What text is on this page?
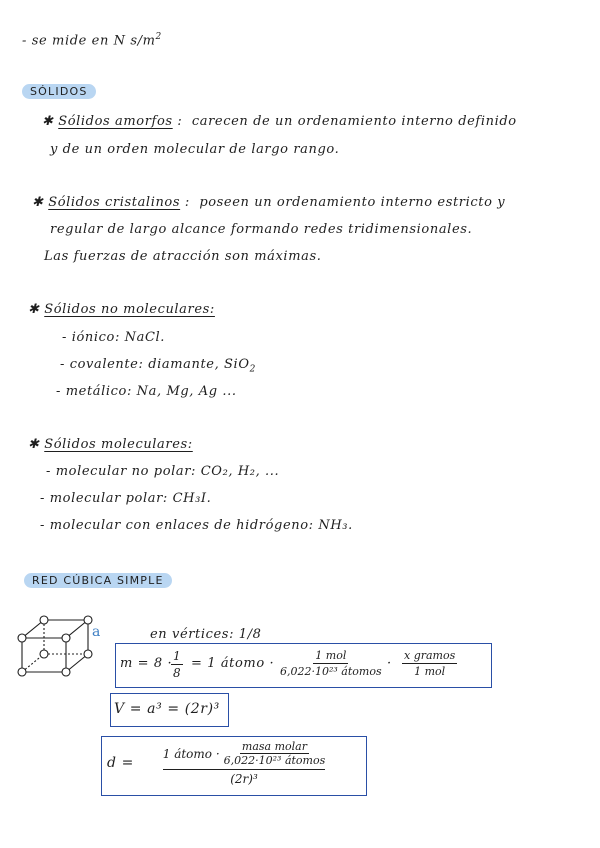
- se mide en N $s/m^2$
SÓLIDOS
✱ Sólidos amorfos : carecen de un ordenamiento interno definido
y de un orden molecular de largo rango.
✱ Sólidos cristalinos : poseen un ordenamiento interno estricto y
regular de largo alcance formando redes tridimensionales.
Las fuerzas de atracción son máximas.
✱ Sólidos no moleculares:
- iónico: NaCl.
- covalente: diamante, SiO$_2$
- metálico: Na, Mg, Ag ...
✱ Sólidos moleculares:
- molecular no polar: CO₂, H₂, ...
- molecular polar: CH₃I.
- molecular con enlaces de hidrógeno: NH₃.
RED CÚBICA SIMPLE
a	en vértices: 1/8
m = 8 ·
$\frac{1}{8} = 1$ átomo ·
1 mol
6,022·10²³ átomos
·
x gramos
1 mol
V = a³ = (2r)³
d =
1 átomo · masa molar
6,022·10²³ átomos
(2r)³
